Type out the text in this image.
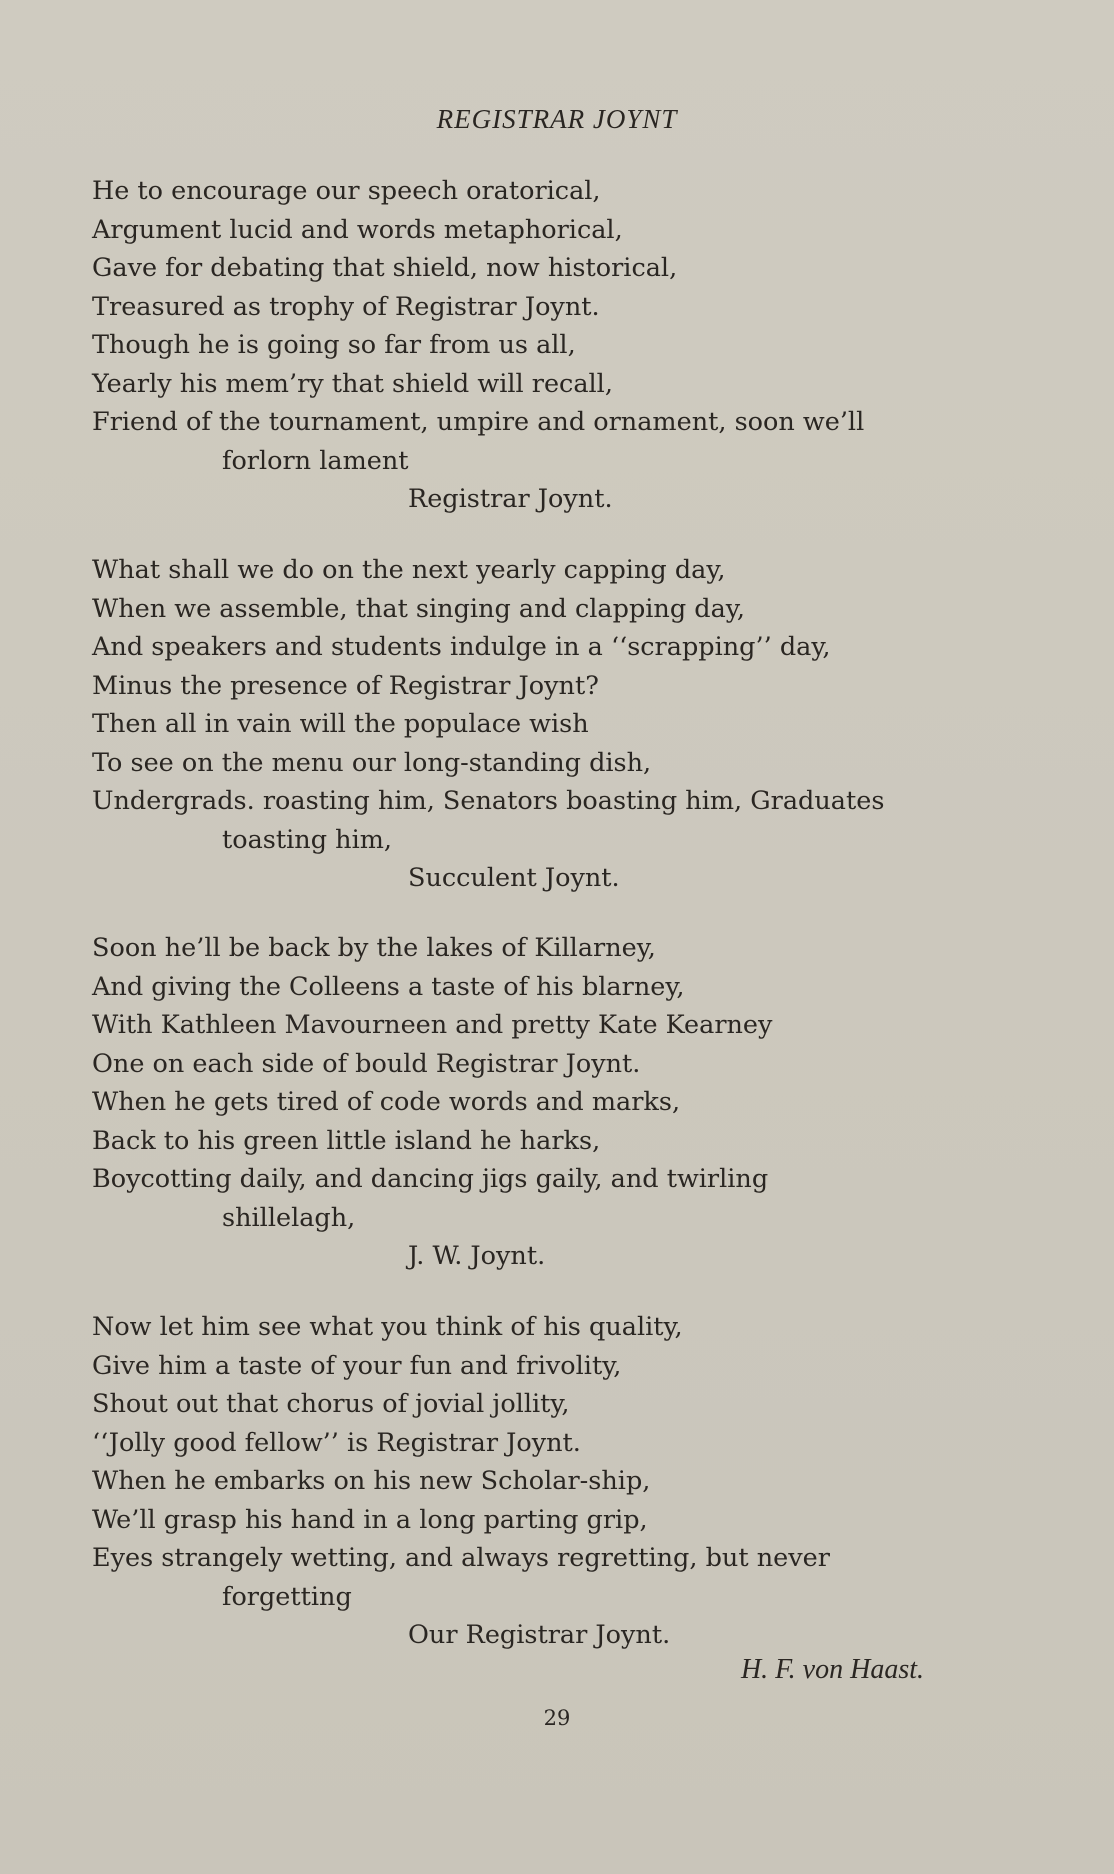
REGISTRAR JOYNT
He to encourage our speech oratorical,
Argument lucid and words metaphorical,
Gave for debating that shield, now historical,
Treasured as trophy of Registrar Joynt.
Though he is going so far from us all,
Yearly his mem’ry that shield will recall,
Friend of the tournament, umpire and ornament, soon we’ll
forlorn lament
Registrar Joynt.
What shall we do on the next yearly capping day,
When we assemble, that singing and clapping day,
And speakers and students indulge in a ‘‘scrapping’’ day,
Minus the presence of Registrar Joynt?
Then all in vain will the populace wish
To see on the menu our long-standing dish,
Undergrads. roasting him, Senators boasting him, Graduates
toasting him,
Succulent Joynt.
Soon he’ll be back by the lakes of Killarney,
And giving the Colleens a taste of his blarney,
With Kathleen Mavourneen and pretty Kate Kearney
One on each side of bould Registrar Joynt.
When he gets tired of code words and marks,
Back to his green little island he harks,
Boycotting daily, and dancing jigs gaily, and twirling
shillelagh,
J. W. Joynt.
Now let him see what you think of his quality,
Give him a taste of your fun and frivolity,
Shout out that chorus of jovial jollity,
‘‘Jolly good fellow’’ is Registrar Joynt.
When he embarks on his new Scholar-ship,
We’ll grasp his hand in a long parting grip,
Eyes strangely wetting, and always regretting, but never
forgetting
Our Registrar Joynt.
H. F. von Haast.
29
